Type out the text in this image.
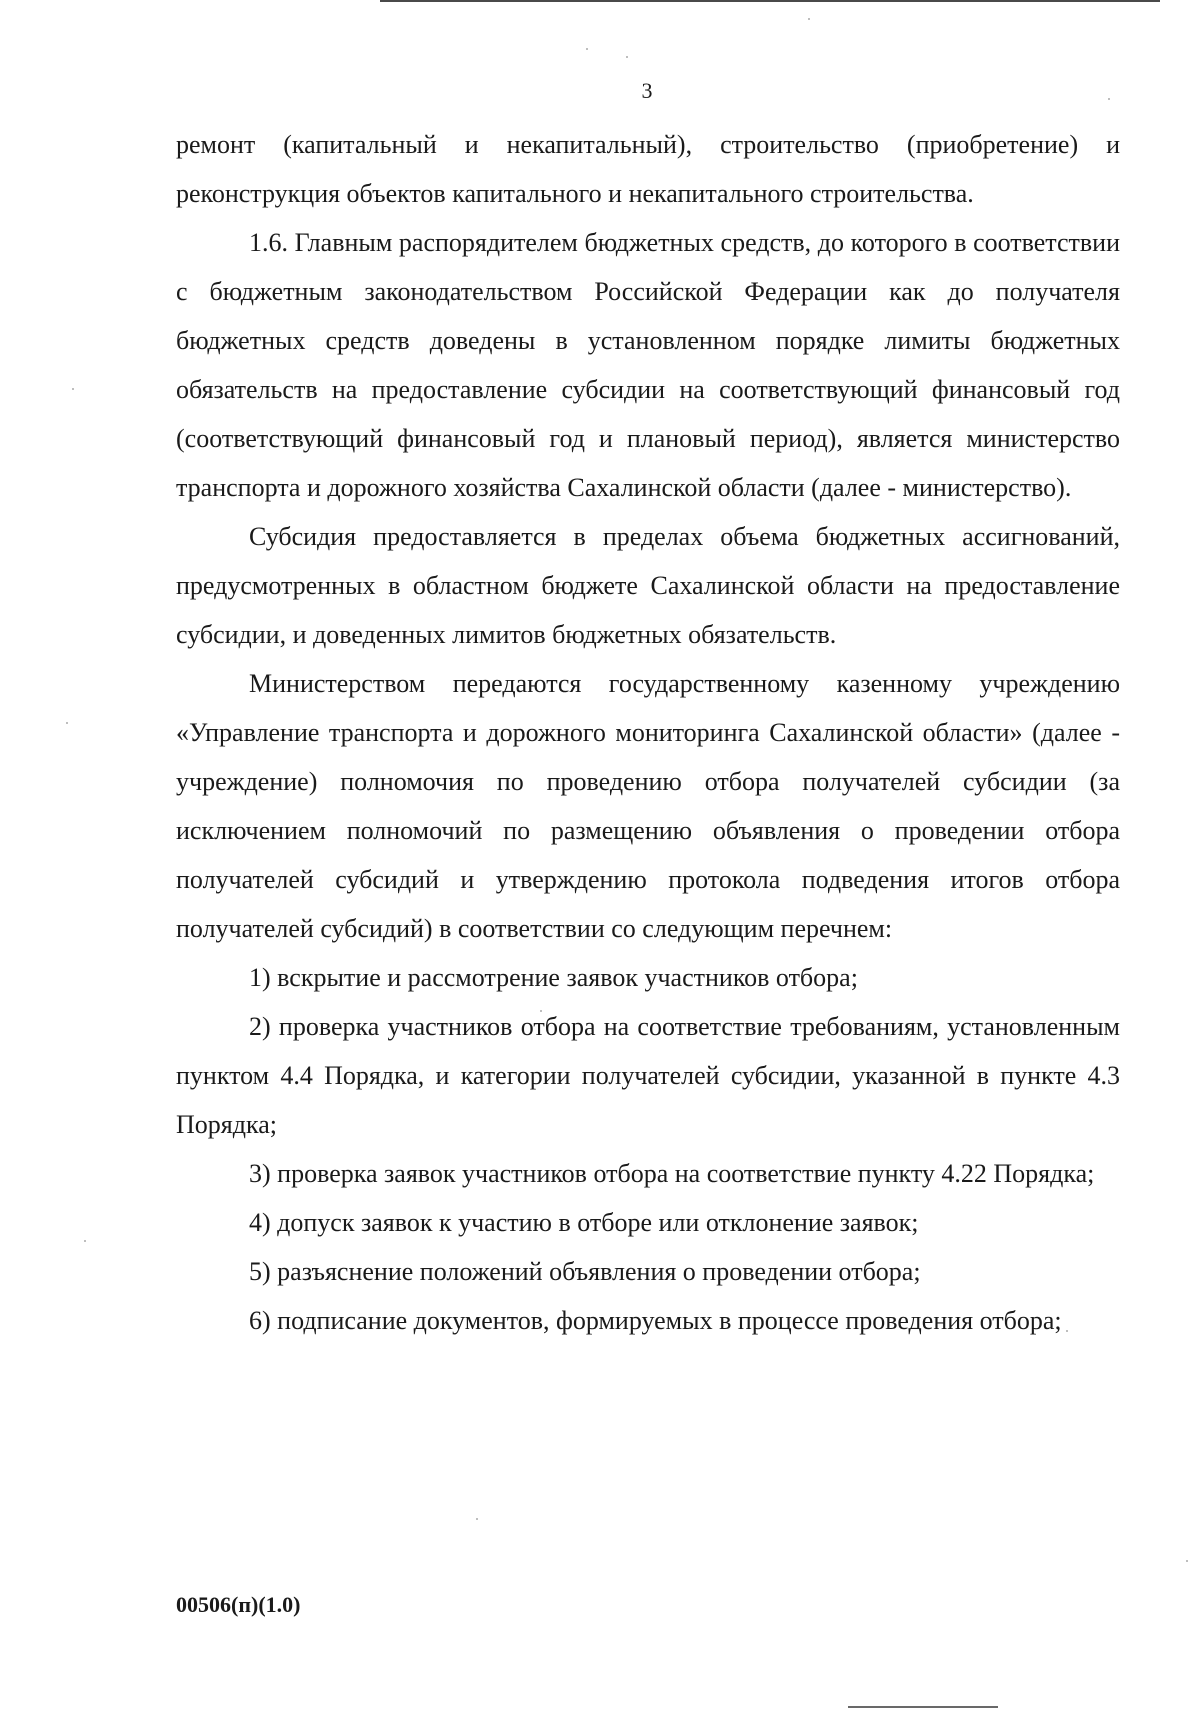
3

ремонт (капитальный и некапитальный), строительство (приобретение) и реконструкция объектов капитального и некапитального строительства.

1.6. Главным распорядителем бюджетных средств, до которого в соответствии с бюджетным законодательством Российской Федерации как до получателя бюджетных средств доведены в установленном порядке лимиты бюджетных обязательств на предоставление субсидии на соответствующий финансовый год (соответствующий финансовый год и плановый период), является министерство транспорта и дорожного хозяйства Сахалинской области (далее - министерство).

Субсидия предоставляется в пределах объема бюджетных ассигнований, предусмотренных в областном бюджете Сахалинской области на предоставление субсидии, и доведенных лимитов бюджетных обязательств.

Министерством передаются государственному казенному учреждению «Управление транспорта и дорожного мониторинга Сахалинской области» (далее - учреждение) полномочия по проведению отбора получателей субсидии (за исключением полномочий по размещению объявления о проведении отбора получателей субсидий и утверждению протокола подведения итогов отбора получателей субсидий) в соответствии со следующим перечнем:

1) вскрытие и рассмотрение заявок участников отбора;

2) проверка участников отбора на соответствие требованиям, установленным пунктом 4.4 Порядка, и категории получателей субсидии, указанной в пункте 4.3 Порядка;

3) проверка заявок участников отбора на соответствие пункту 4.22 Порядка;

4) допуск заявок к участию в отборе или отклонение заявок;

5) разъяснение положений объявления о проведении отбора;

6) подписание документов, формируемых в процессе проведения отбора;

00506(п)(1.0)
